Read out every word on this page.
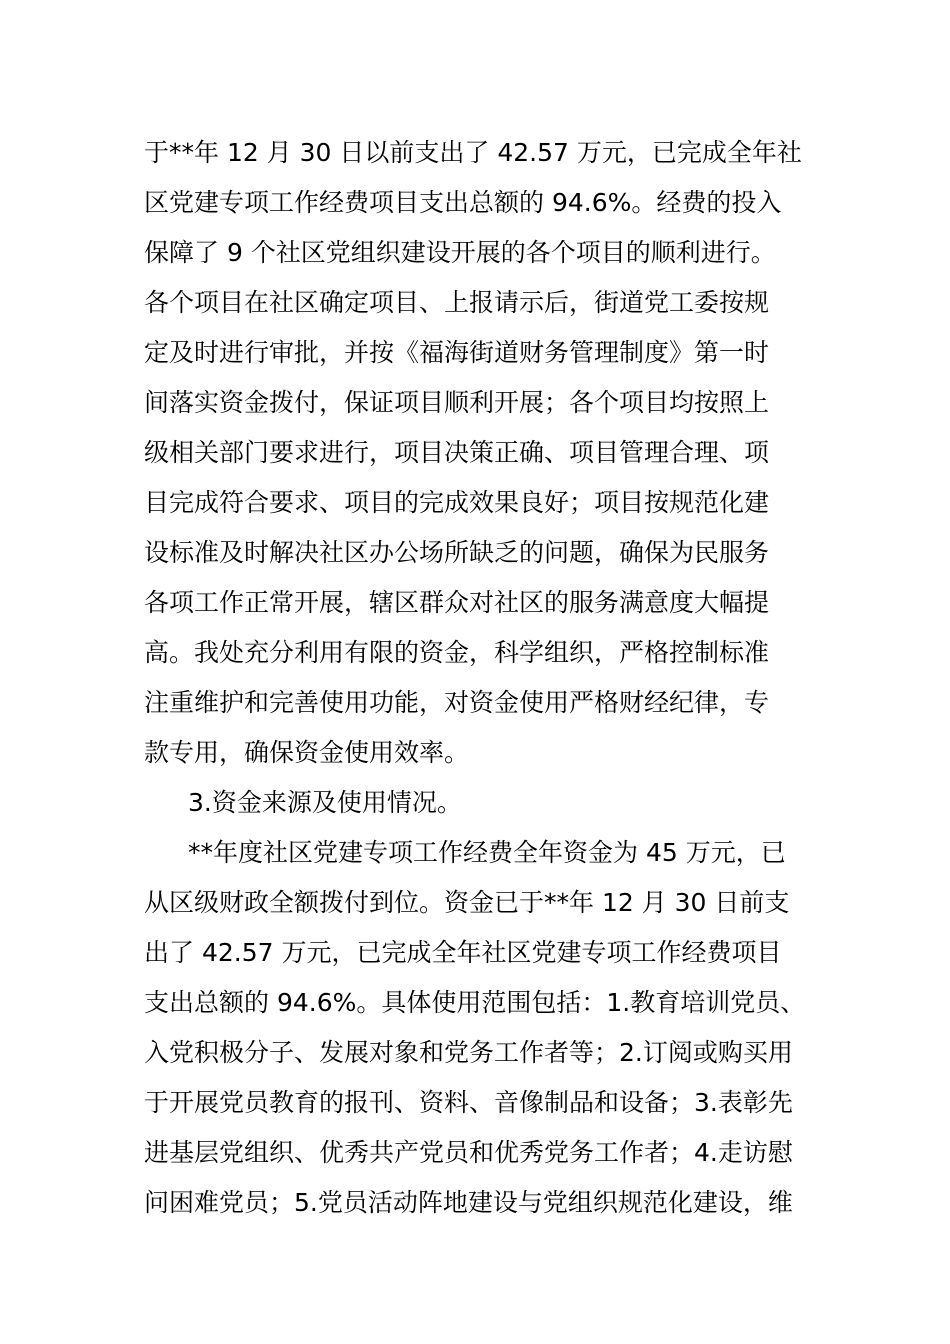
于**年 12 月 30 日以前支出了 42.57 万元，已完成全年社
区党建专项工作经费项目支出总额的 94.6%。经费的投入
保障了 9 个社区党组织建设开展的各个项目的顺利进行。
各个项目在社区确定项目、上报请示后，街道党工委按规
定及时进行审批，并按《福海街道财务管理制度》第一时
间落实资金拨付，保证项目顺利开展；各个项目均按照上
级相关部门要求进行，项目决策正确、项目管理合理、项
目完成符合要求、项目的完成效果良好；项目按规范化建
设标准及时解决社区办公场所缺乏的问题，确保为民服务
各项工作正常开展，辖区群众对社区的服务满意度大幅提
高。我处充分利用有限的资金，科学组织，严格控制标准
注重维护和完善使用功能，对资金使用严格财经纪律，专
款专用，确保资金使用效率。
3.资金来源及使用情况。
**年度社区党建专项工作经费全年资金为 45 万元，已
从区级财政全额拨付到位。资金已于**年 12 月 30 日前支
出了 42.57 万元，已完成全年社区党建专项工作经费项目
支出总额的 94.6%。具体使用范围包括：1.教育培训党员、
入党积极分子、发展对象和党务工作者等；2.订阅或购买用
于开展党员教育的报刊、资料、音像制品和设备；3.表彰先
进基层党组织、优秀共产党员和优秀党务工作者；4.走访慰
问困难党员；5.党员活动阵地建设与党组织规范化建设，维
